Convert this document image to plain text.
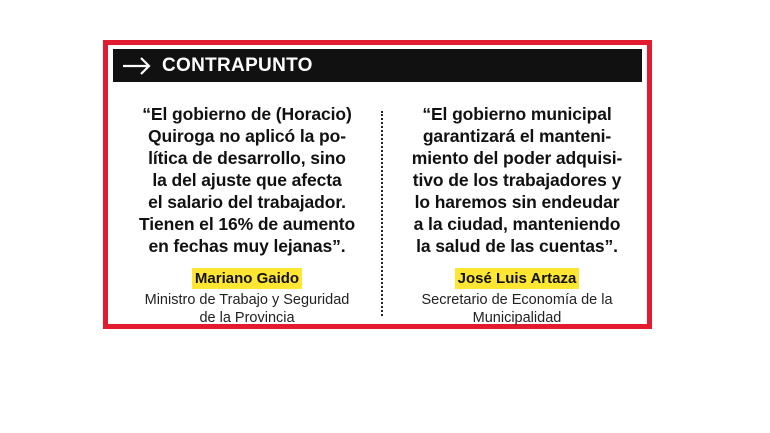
CONTRAPUNTO

“El gobierno de (Horacio)
Quiroga no aplicó la po-
lítica de desarrollo, sino
la del ajuste que afecta
el salario del trabajador.
Tienen el 16% de aumento
en fechas muy lejanas”.

Mariano Gaido
Ministro de Trabajo y Seguridad
de la Provincia

“El gobierno municipal
garantizará el manteni-
miento del poder adquisi-
tivo de los trabajadores y
lo haremos sin endeudar
a la ciudad, manteniendo
la salud de las cuentas”.

José Luis Artaza
Secretario de Economía de la
Municipalidad
